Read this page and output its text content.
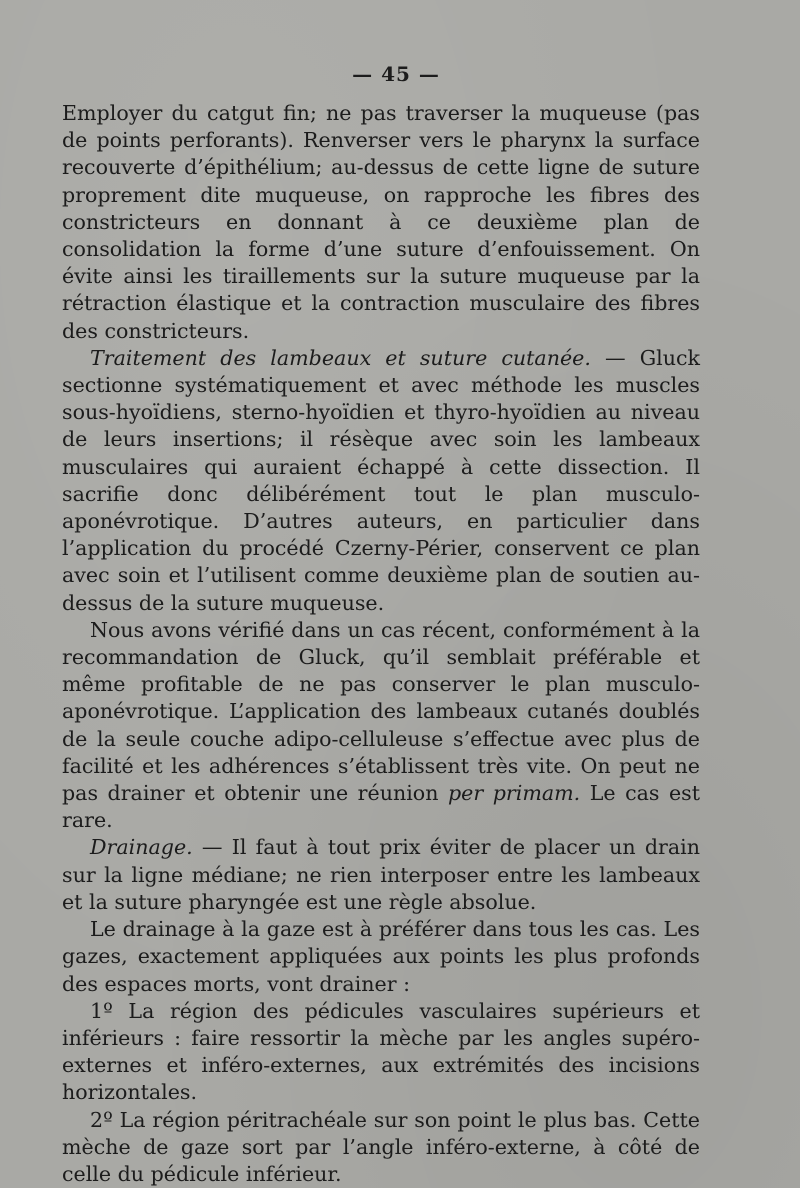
— 45 —

Employer du catgut fin; ne pas traverser la muqueuse (pas de points perforants). Renverser vers le pharynx la surface recouverte d’épithélium; au-dessus de cette ligne de suture proprement dite muqueuse, on rapproche les fibres des constricteurs en donnant à ce deuxième plan de consolidation la forme d’une suture d’enfouissement. On évite ainsi les tiraillements sur la suture muqueuse par la rétraction élastique et la contraction musculaire des fibres des constricteurs.

Traitement des lambeaux et suture cutanée. — Gluck sectionne systématiquement et avec méthode les muscles sous-hyoïdiens, sterno-hyoïdien et thyro-hyoïdien au niveau de leurs insertions; il résèque avec soin les lambeaux musculaires qui auraient échappé à cette dissection. Il sacrifie donc délibérément tout le plan musculo-aponévrotique. D’autres auteurs, en particulier dans l’application du procédé Czerny-Périer, conservent ce plan avec soin et l’utilisent comme deuxième plan de soutien au-dessus de la suture muqueuse.

Nous avons vérifié dans un cas récent, conformément à la recommandation de Gluck, qu’il semblait préférable et même profitable de ne pas conserver le plan musculo-aponévrotique. L’application des lambeaux cutanés doublés de la seule couche adipo-celluleuse s’effectue avec plus de facilité et les adhérences s’établissent très vite. On peut ne pas drainer et obtenir une réunion per primam. Le cas est rare.

Drainage. — Il faut à tout prix éviter de placer un drain sur la ligne médiane; ne rien interposer entre les lambeaux et la suture pharyngée est une règle absolue.

Le drainage à la gaze est à préférer dans tous les cas. Les gazes, exactement appliquées aux points les plus profonds des espaces morts, vont drainer :

1º La région des pédicules vasculaires supérieurs et inférieurs : faire ressortir la mèche par les angles supéro-externes et inféro-externes, aux extrémités des incisions horizontales.

2º La région péritrachéale sur son point le plus bas. Cette mèche de gaze sort par l’angle inféro-externe, à côté de celle du pédicule inférieur.
